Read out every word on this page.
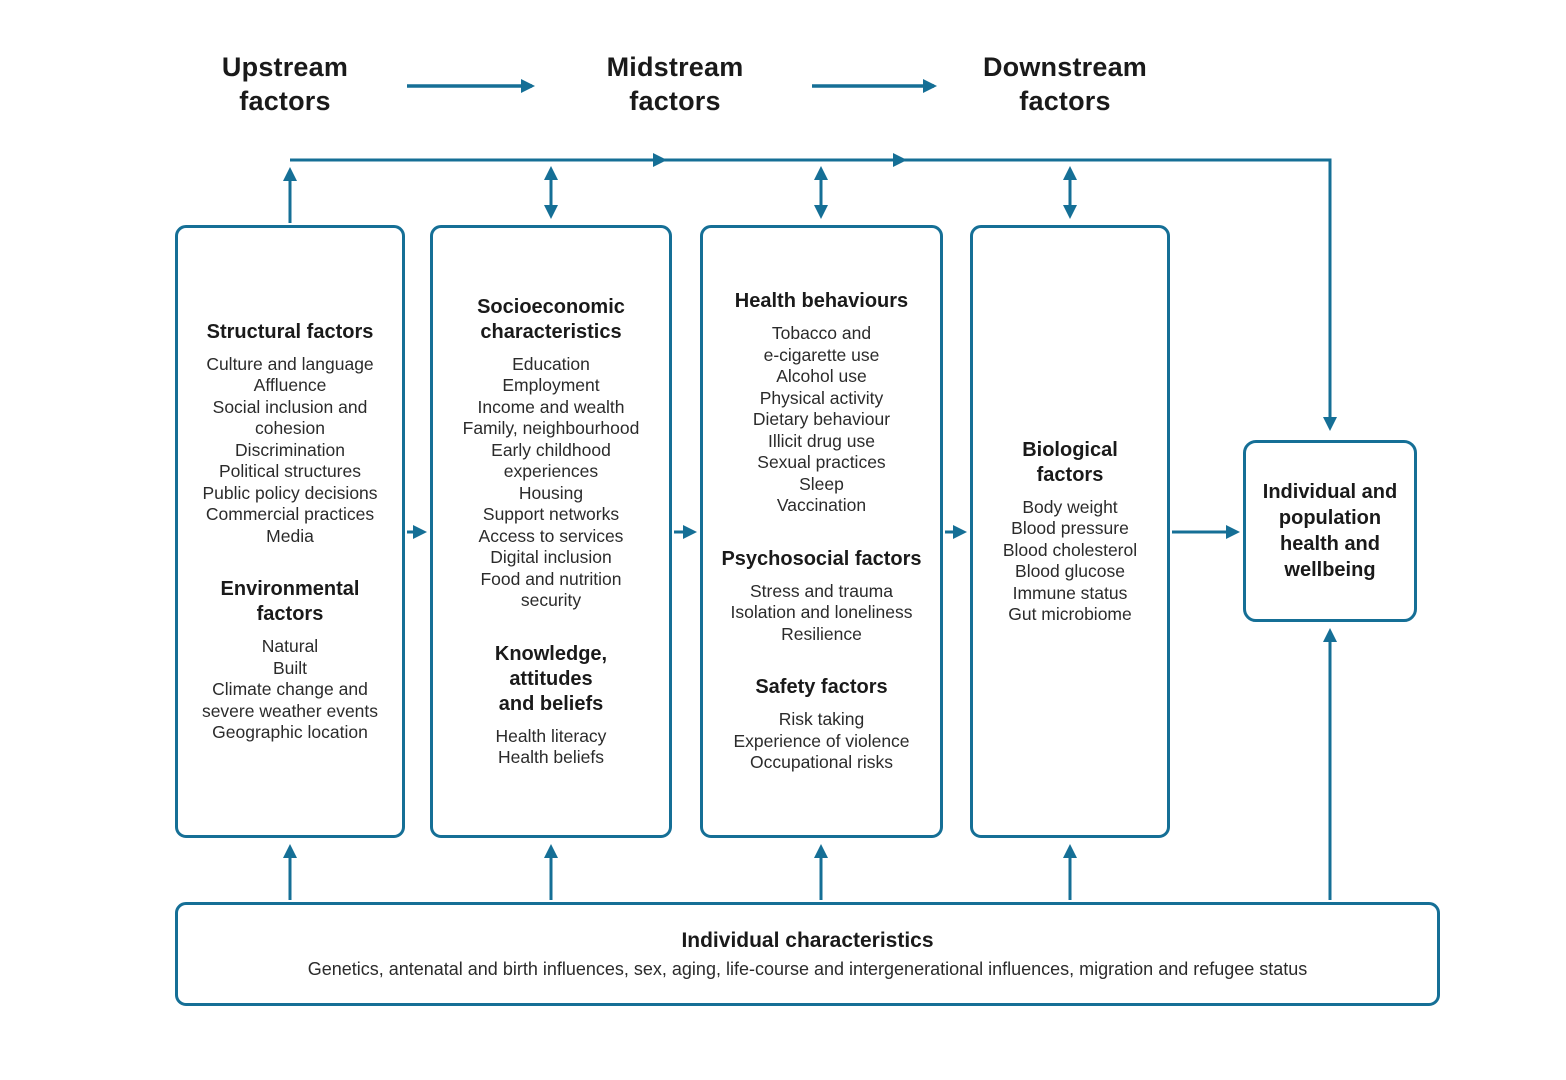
Upstream
factors
Midstream
factors
Downstream
factors
Structural factors
Culture and language
Affluence
Social inclusion and
cohesion
Discrimination
Political structures
Public policy decisions
Commercial practices
Media
Environmental
factors
Natural
Built
Climate change and
severe weather events
Geographic location
Socioeconomic
characteristics
Education
Employment
Income and wealth
Family, neighbourhood
Early childhood
experiences
Housing
Support networks
Access to services
Digital inclusion
Food and nutrition
security
Knowledge,
attitudes
and beliefs
Health literacy
Health beliefs
Health behaviours
Tobacco and
e-cigarette use
Alcohol use
Physical activity
Dietary behaviour
Illicit drug use
Sexual practices
Sleep
Vaccination
Psychosocial factors
Stress and trauma
Isolation and loneliness
Resilience
Safety factors
Risk taking
Experience of violence
Occupational risks
Biological
factors
Body weight
Blood pressure
Blood cholesterol
Blood glucose
Immune status
Gut microbiome
Individual and
population
health and
wellbeing
Individual characteristics
Genetics, antenatal and birth influences, sex, aging, life-course and intergenerational influences, migration and refugee status
